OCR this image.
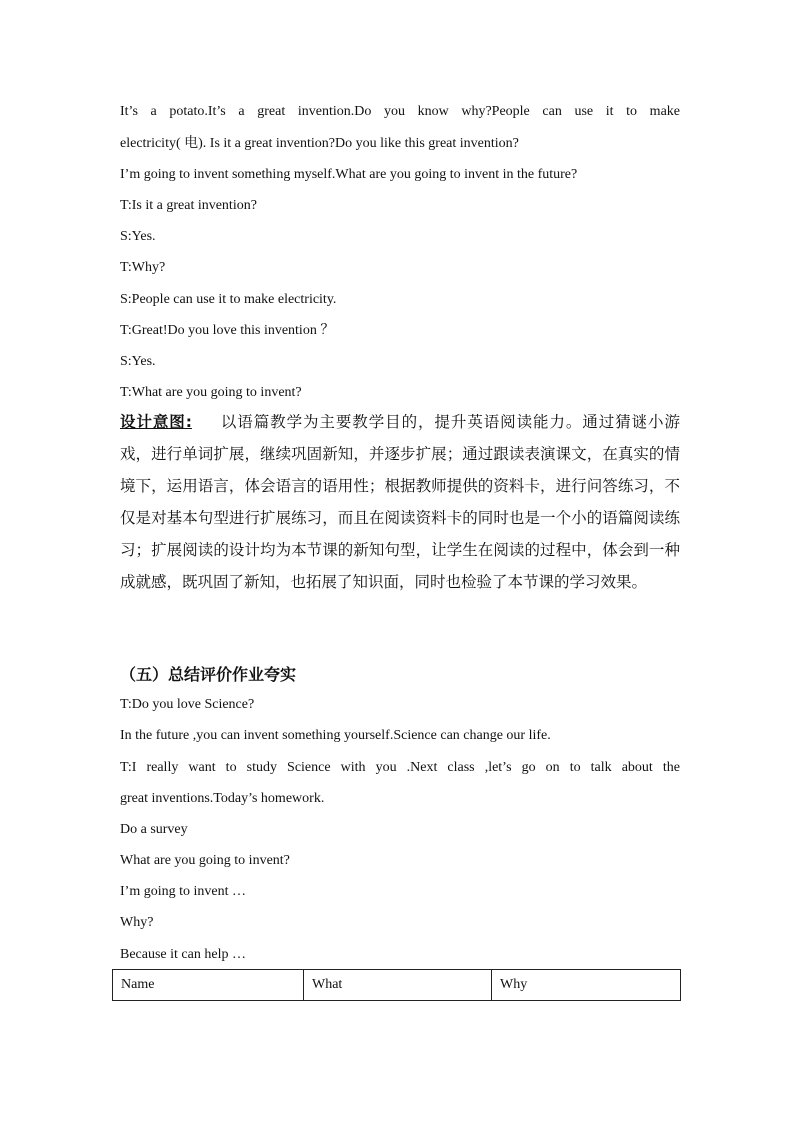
It’s a potato.It’s a great invention.Do you know why?People can use it to make
electricity( 电). Is it a great invention?Do you like this great invention?
I’m going to invent something myself.What are you going to invent in the future?
T:Is it a great invention?
S:Yes.
T:Why?
S:People can use it to make electricity.
T:Great!Do you love this invention ？
S:Yes.
T:What are you going to invent?
设计意图: 以语篇教学为主要教学目的，提升英语阅读能力。通过猜谜小游戏，进行单词扩展，继续巩固新知，并逐步扩展；通过跟读表演课文，在真实的情境下，运用语言，体会语言的语用性；根据教师提供的资料卡，进行问答练习，不仅是对基本句型进行扩展练习，而且在阅读资料卡的同时也是一个小的语篇阅读练习；扩展阅读的设计均为本节课的新知句型，让学生在阅读的过程中，体会到一种成就感，既巩固了新知，也拓展了知识面，同时也检验了本节课的学习效果。
（五）总结评价作业夸实
T:Do you love Science?
In the future ,you can invent something yourself.Science can change our life.
T:I really want to study Science with you .Next class ,let’s go on to talk about the
great inventions.Today’s homework.
Do a survey
What are you going to invent?
I’m going to invent …
Why?
Because it can help …
Name	What	Why
